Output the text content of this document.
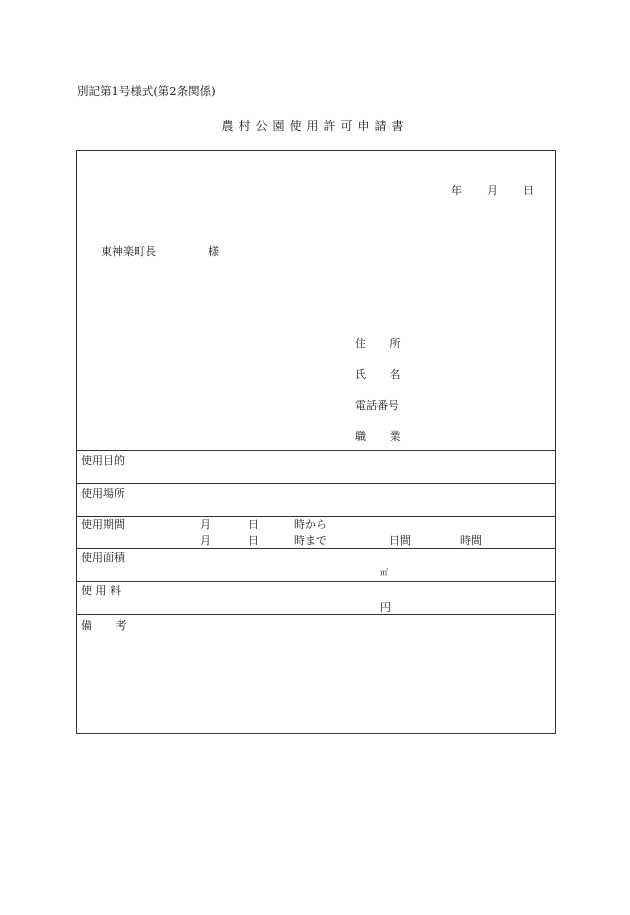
別記第1号様式(第2条関係)
農村公園使用許可申請書
年 月 日
東神楽町長	様
住　　所
氏　　名
電話番号
職　　業
使用目的
使用場所
使用期間	月	日	時から
月	日	時まで	日間	時間
使用面積
㎡
使 用 料
円
備　　考
